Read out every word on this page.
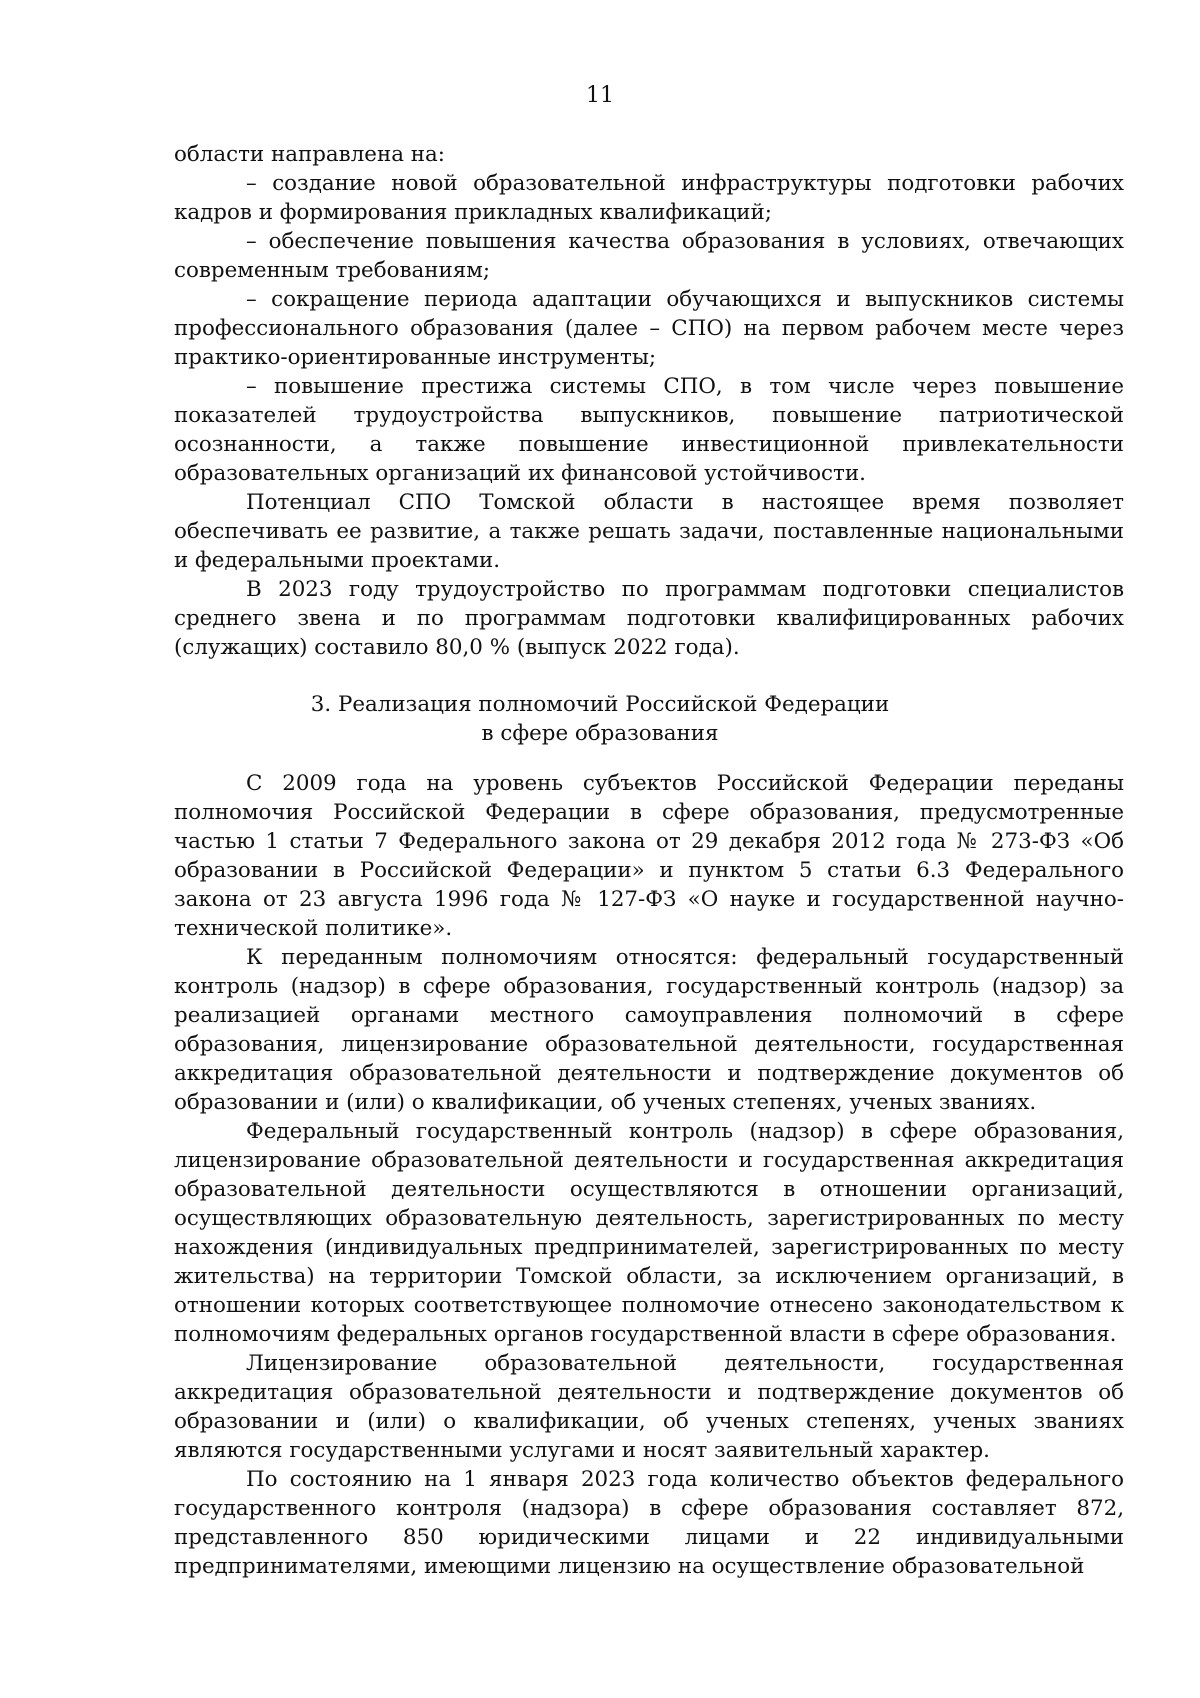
11

области направлена на:

– создание новой образовательной инфраструктуры подготовки рабочих кадров и формирования прикладных квалификаций;

– обеспечение повышения качества образования в условиях, отвечающих современным требованиям;

– сокращение периода адаптации обучающихся и выпускников системы профессионального образования (далее – СПО) на первом рабочем месте через практико-ориентированные инструменты;

– повышение престижа системы СПО, в том числе через повышение показателей трудоустройства выпускников, повышение патриотической осознанности, а также повышение инвестиционной привлекательности образовательных организаций их финансовой устойчивости.

Потенциал СПО Томской области в настоящее время позволяет обеспечивать ее развитие, а также решать задачи, поставленные национальными и федеральными проектами.

В 2023 году трудоустройство по программам подготовки специалистов среднего звена и по программам подготовки квалифицированных рабочих (служащих) составило 80,0 % (выпуск 2022 года).

3. Реализация полномочий Российской Федерации
в сфере образования

С 2009 года на уровень субъектов Российской Федерации переданы полномочия Российской Федерации в сфере образования, предусмотренные частью 1 статьи 7 Федерального закона от 29 декабря 2012 года № 273-ФЗ «Об образовании в Российской Федерации» и пунктом 5 статьи 6.3 Федерального закона от 23 августа 1996 года № 127-ФЗ «О науке и государственной научно-технической политике».

К переданным полномочиям относятся: федеральный государственный контроль (надзор) в сфере образования, государственный контроль (надзор) за реализацией органами местного самоуправления полномочий в сфере образования, лицензирование образовательной деятельности, государственная аккредитация образовательной деятельности и подтверждение документов об образовании и (или) о квалификации, об ученых степенях, ученых званиях.

Федеральный государственный контроль (надзор) в сфере образования, лицензирование образовательной деятельности и государственная аккредитация образовательной деятельности осуществляются в отношении организаций, осуществляющих образовательную деятельность, зарегистрированных по месту нахождения (индивидуальных предпринимателей, зарегистрированных по месту жительства) на территории Томской области, за исключением организаций, в отношении которых соответствующее полномочие отнесено законодательством к полномочиям федеральных органов государственной власти в сфере образования.

Лицензирование образовательной деятельности, государственная аккредитация образовательной деятельности и подтверждение документов об образовании и (или) о квалификации, об ученых степенях, ученых званиях являются государственными услугами и носят заявительный характер.

По состоянию на 1 января 2023 года количество объектов федерального государственного контроля (надзора) в сфере образования составляет 872, представленного 850 юридическими лицами и 22 индивидуальными предпринимателями, имеющими лицензию на осуществление образовательной
